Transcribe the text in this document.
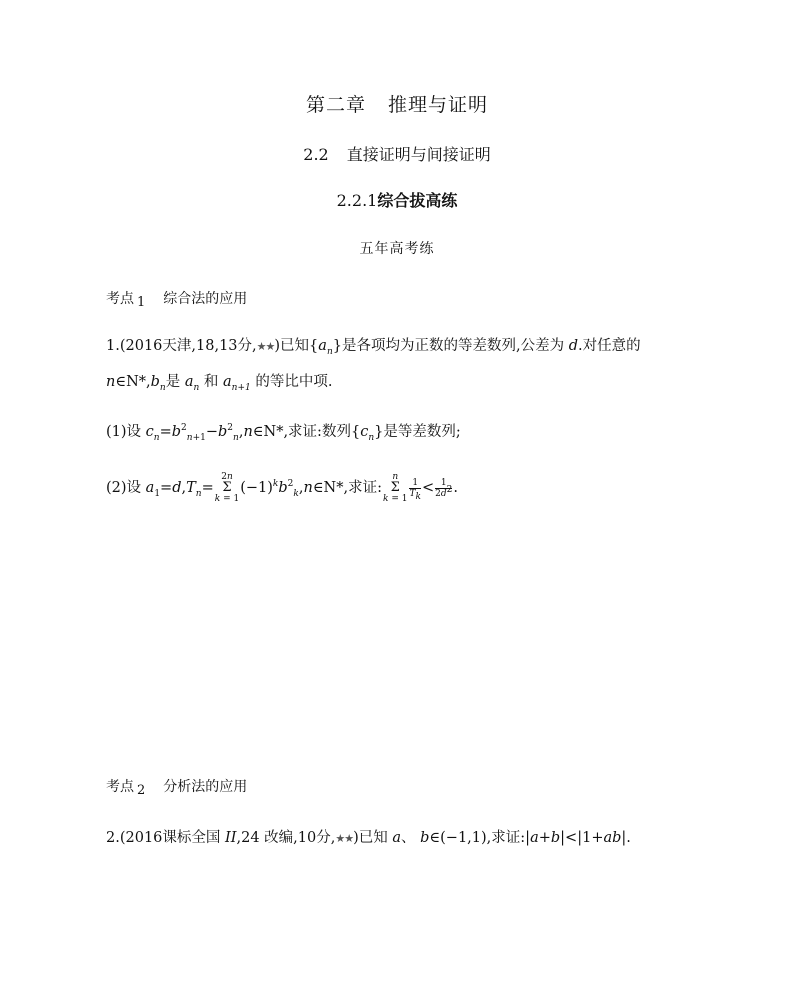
第二章 推理与证明
2.2 直接证明与间接证明
2.2.1综合拔高练
五年高考练
考点 1 综合法的应用
1.(2016天津,18,13分,★★)已知$\{a_n\}$是各项均为正数的等差数列,公差为 d.对任意的
$n\in N*,b_n$是 $a_n$ 和 $a_{n+1}$ 的等比中项.
(1)设 $c_n=b^2_{n+1}-b^2_n,n\in N*$,求证:数列$\{c_n\}$是等差数列;
(2)设 $a_1=d,T_n=$
2n
Σ
k = 1
$(-1)^kb^2_k,n\in N*$,求证:
n
Σ
k = 1
$\frac{1}{T_k} < \frac{1}{2d^2}$ .
考点 2 分析法的应用
2.(2016课标全国 II,24 改编,10分,★★)已知 a、 b∈(−1,1),求证:|a+b|<|1+ab|.
